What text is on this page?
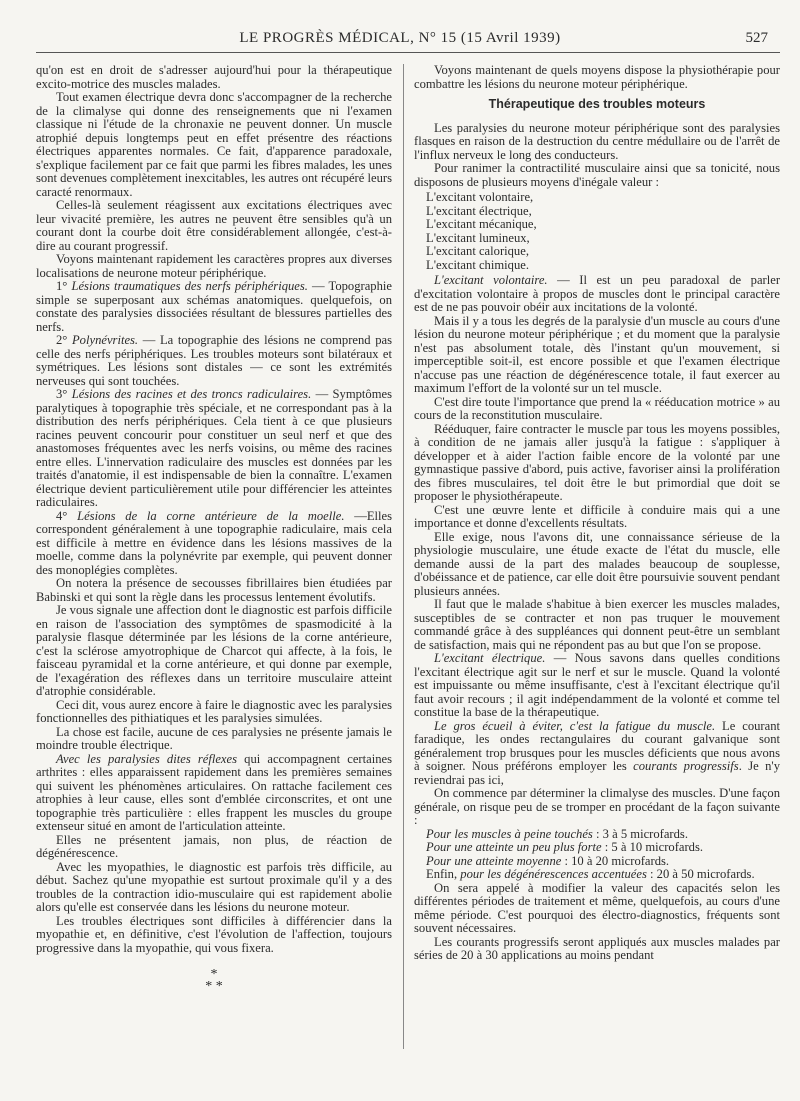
LE PROGRÈS MÉDICAL, N° 15 (15 Avril 1939)	527

qu'on est en droit de s'adresser aujourd'hui pour la thérapeutique excito-motrice des muscles malades.

Tout examen électrique devra donc s'accompagner de la recherche de la climalyse qui donne des renseignements que ni l'examen classique ni l'étude de la chronaxie ne peuvent donner. Un muscle atrophié depuis longtemps peut en effet présentre des réactions électriques apparentes normales. Ce fait, d'apparence paradoxale, s'explique facilement par ce fait que parmi les fibres malades, les unes sont devenues complètement inexcitables, les autres ont récupéré leurs caracté renormaux.

Celles-là seulement réagissent aux excitations électriques avec leur vivacité première, les autres ne peuvent être sensibles qu'à un courant dont la courbe doit être considérablement allongée, c'est-à-dire au courant progressif.

Voyons maintenant rapidement les caractères propres aux diverses localisations de neurone moteur périphérique.

1° Lésions traumatiques des nerfs périphériques. — Topographie simple se superposant aux schémas anatomiques. quelquefois, on constate des paralysies dissociées résultant de blessures partielles des nerfs.

2° Polynévrites. — La topographie des lésions ne comprend pas celle des nerfs périphériques. Les troubles moteurs sont bilatéraux et symétriques. Les lésions sont distales — ce sont les extrémités nerveuses qui sont touchées.

3° Lésions des racines et des troncs radiculaires. — Symptômes paralytiques à topographie très spéciale, et ne correspondant pas à la distribution des nerfs périphériques. Cela tient à ce que plusieurs racines peuvent concourir pour constituer un seul nerf et que des anastomoses fréquentes avec les nerfs voisins, ou même des racines entre elles. L'innervation radiculaire des muscles est données par les traités d'anatomie, il est indispensable de bien la connaître. L'examen électrique devient particulièrement utile pour différencier les atteintes radiculaires.

4° Lésions de la corne antérieure de la moelle. —Elles correspondent généralement à une topographie radiculaire, mais cela est difficile à mettre en évidence dans les lésions massives de la moelle, comme dans la polynévrite par exemple, qui peuvent donner des monoplégies complètes.

On notera la présence de secousses fibrillaires bien étudiées par Babinski et qui sont la règle dans les processus lentement évolutifs.

Je vous signale une affection dont le diagnostic est parfois difficile en raison de l'association des symptômes de spasmodicité à la paralysie flasque déterminée par les lésions de la corne antérieure, c'est la sclérose amyotrophique de Charcot qui affecte, à la fois, le faisceau pyramidal et la corne antérieure, et qui donne par exemple, de l'exagération des réflexes dans un territoire musculaire atteint d'atrophie considérable.

Ceci dit, vous aurez encore à faire le diagnostic avec les paralysies fonctionnelles des pithiatiques et les paralysies simulées.

La chose est facile, aucune de ces paralysies ne présente jamais le moindre trouble électrique.

Avec les paralysies dites réflexes qui accompagnent certaines arthrites : elles apparaissent rapidement dans les premières semaines qui suivent les phénomènes articulaires. On rattache facilement ces atrophies à leur cause, elles sont d'emblée circonscrites, et ont une topographie très particulière : elles frappent les muscles du groupe extenseur situé en amont de l'articulation atteinte.

Elles ne présentent jamais, non plus, de réaction de dégénérescence.

Avec les myopathies, le diagnostic est parfois très difficile, au début. Sachez qu'une myopathie est surtout proximale qu'il y a des troubles de la contraction idio-musculaire qui est rapidement abolie alors qu'elle est conservée dans les lésions du neurone moteur.

Les troubles électriques sont difficiles à différencier dans la myopathie et, en définitive, c'est l'évolution de l'affection, toujours progressive dans la myopathie, qui vous fixera.

*
* *

Voyons maintenant de quels moyens dispose la physiothérapie pour combattre les lésions du neurone moteur périphérique.

Thérapeutique des troubles moteurs

Les paralysies du neurone moteur périphérique sont des paralysies flasques en raison de la destruction du centre médullaire ou de l'arrêt de l'influx nerveux le long des conducteurs.

Pour ranimer la contractilité musculaire ainsi que sa tonicité, nous disposons de plusieurs moyens d'inégale valeur :

L'excitant volontaire,
L'excitant électrique,
L'excitant mécanique,
L'excitant lumineux,
L'excitant calorique,
L'excitant chimique.

L'excitant volontaire. — Il est un peu paradoxal de parler d'excitation volontaire à propos de muscles dont le principal caractère est de ne pas pouvoir obéir aux incitations de la volonté.

Mais il y a tous les degrés de la paralysie d'un muscle au cours d'une lésion du neurone moteur périphérique ; et du moment que la paralysie n'est pas absolument totale, dès l'instant qu'un mouvement, si imperceptible soit-il, est encore possible et que l'examen électrique n'accuse pas une réaction de dégénérescence totale, il faut exercer au maximum l'effort de la volonté sur un tel muscle.

C'est dire toute l'importance que prend la « rééducation motrice » au cours de la reconstitution musculaire.

Rééduquer, faire contracter le muscle par tous les moyens possibles, à condition de ne jamais aller jusqu'à la fatigue : s'appliquer à développer et à aider l'action faible encore de la volonté par une gymnastique passive d'abord, puis active, favoriser ainsi la prolifération des fibres musculaires, tel doit être le but primordial que doit se proposer le physiothérapeute.

C'est une œuvre lente et difficile à conduire mais qui a une importance et donne d'excellents résultats.

Elle exige, nous l'avons dit, une connaissance sérieuse de la physiologie musculaire, une étude exacte de l'état du muscle, elle demande aussi de la part des malades beaucoup de souplesse, d'obéissance et de patience, car elle doit être poursuivie souvent pendant plusieurs années.

Il faut que le malade s'habitue à bien exercer les muscles malades, susceptibles de se contracter et non pas truquer le mouvement commandé grâce à des suppléances qui donnent peut-être un semblant de satisfaction, mais qui ne répondent pas au but que l'on se propose.

L'excitant électrique. — Nous savons dans quelles conditions l'excitant électrique agit sur le nerf et sur le muscle. Quand la volonté est impuissante ou même insuffisante, c'est à l'excitant électrique qu'il faut avoir recours ; il agit indépendamment de la volonté et comme tel constitue la base de la thérapeutique.

Le gros écueil à éviter, c'est la fatigue du muscle. Le courant faradique, les ondes rectangulaires du courant galvanique sont généralement trop brusques pour les muscles déficients que nous avons à soigner. Nous préférons employer les courants progressifs. Je n'y reviendrai pas ici,

On commence par déterminer la climalyse des muscles. D'une façon générale, on risque peu de se tromper en procédant de la façon suivante :

Pour les muscles à peine touchés : 3 à 5 microfards.
Pour une atteinte un peu plus forte : 5 à 10 microfards.
Pour une atteinte moyenne : 10 à 20 microfards.
Enfin, pour les dégénérescences accentuées : 20 à 50 microfards.

On sera appelé à modifier la valeur des capacités selon les différentes périodes de traitement et même, quelquefois, au cours d'une même période. C'est pourquoi des électro-diagnostics, fréquents sont souvent nécessaires.

Les courants progressifs seront appliqués aux muscles malades par séries de 20 à 30 applications au moins pendant
